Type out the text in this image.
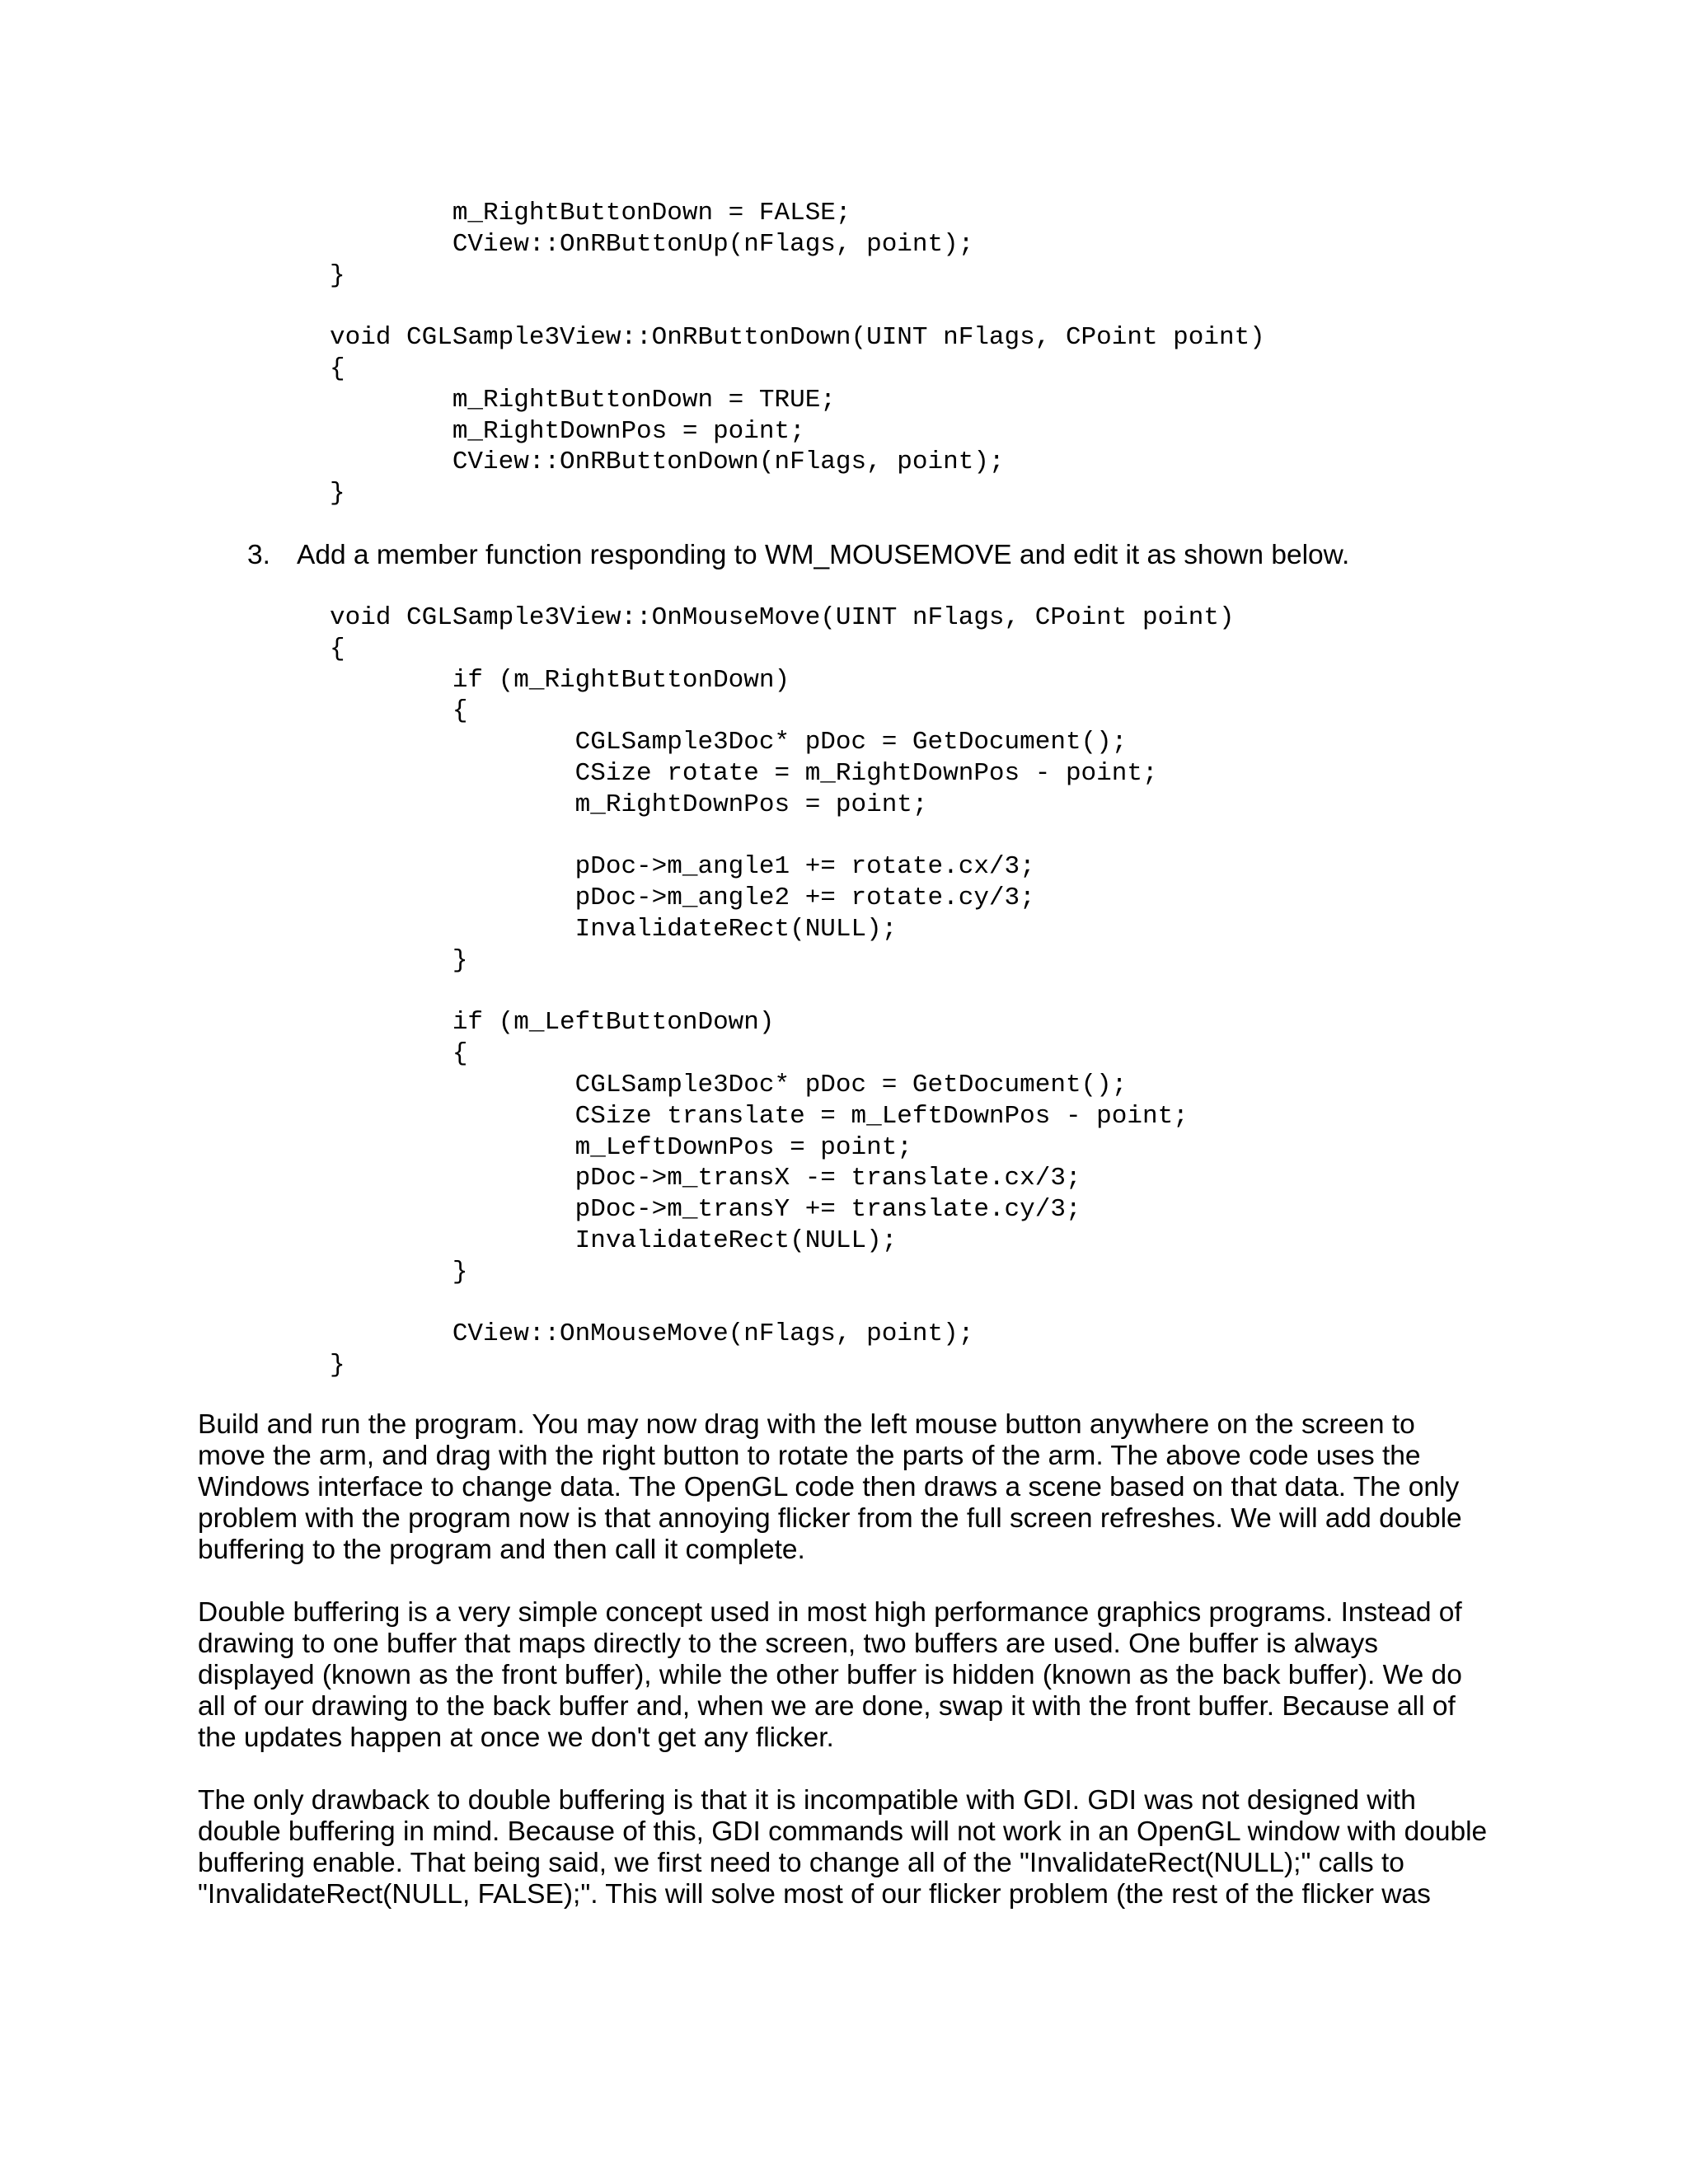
m_RightButtonDown = FALSE;
CView::OnRButtonUp(nFlags, point);
}
void CGLSample3View::OnRButtonDown(UINT nFlags, CPoint point)
{
m_RightButtonDown = TRUE;
m_RightDownPos = point;
CView::OnRButtonDown(nFlags, point);
}
3. Add a member function responding to WM_MOUSEMOVE and edit it as shown below.
void CGLSample3View::OnMouseMove(UINT nFlags, CPoint point)
{
if (m_RightButtonDown)
{
CGLSample3Doc* pDoc = GetDocument();
CSize rotate = m_RightDownPos - point;
m_RightDownPos = point;
pDoc->m_angle1 += rotate.cx/3;
pDoc->m_angle2 += rotate.cy/3;
InvalidateRect(NULL);
}
if (m_LeftButtonDown)
{
CGLSample3Doc* pDoc = GetDocument();
CSize translate = m_LeftDownPos - point;
m_LeftDownPos = point;
pDoc->m_transX -= translate.cx/3;
pDoc->m_transY += translate.cy/3;
InvalidateRect(NULL);
}
CView::OnMouseMove(nFlags, point);
}
Build and run the program. You may now drag with the left mouse button anywhere on the screen to
move the arm, and drag with the right button to rotate the parts of the arm. The above code uses the
Windows interface to change data. The OpenGL code then draws a scene based on that data. The only
problem with the program now is that annoying flicker from the full screen refreshes. We will add double
buffering to the program and then call it complete.
Double buffering is a very simple concept used in most high performance graphics programs. Instead of
drawing to one buffer that maps directly to the screen, two buffers are used. One buffer is always
displayed (known as the front buffer), while the other buffer is hidden (known as the back buffer). We do
all of our drawing to the back buffer and, when we are done, swap it with the front buffer. Because all of
the updates happen at once we don't get any flicker.
The only drawback to double buffering is that it is incompatible with GDI. GDI was not designed with
double buffering in mind. Because of this, GDI commands will not work in an OpenGL window with double
buffering enable. That being said, we first need to change all of the "InvalidateRect(NULL);" calls to
"InvalidateRect(NULL, FALSE);". This will solve most of our flicker problem (the rest of the flicker was
